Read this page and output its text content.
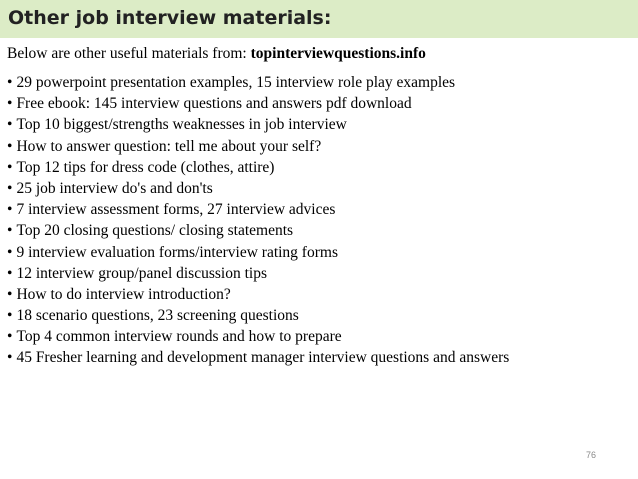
Other job interview materials:

Below are other useful materials from: topinterviewquestions.info

• 29 powerpoint presentation examples, 15 interview role play examples
• Free ebook: 145 interview questions and answers pdf download
• Top 10 biggest/strengths weaknesses in job interview
• How to answer question: tell me about your self?
• Top 12 tips for dress code (clothes, attire)
• 25 job interview do's and don'ts
• 7 interview assessment forms, 27 interview advices
• Top 20 closing questions/ closing statements
• 9 interview evaluation forms/interview rating forms
• 12 interview group/panel discussion tips
• How to do interview introduction?
• 18 scenario questions, 23 screening questions
• Top 4 common interview rounds and how to prepare
• 45 Fresher learning and development manager interview questions and answers
76
